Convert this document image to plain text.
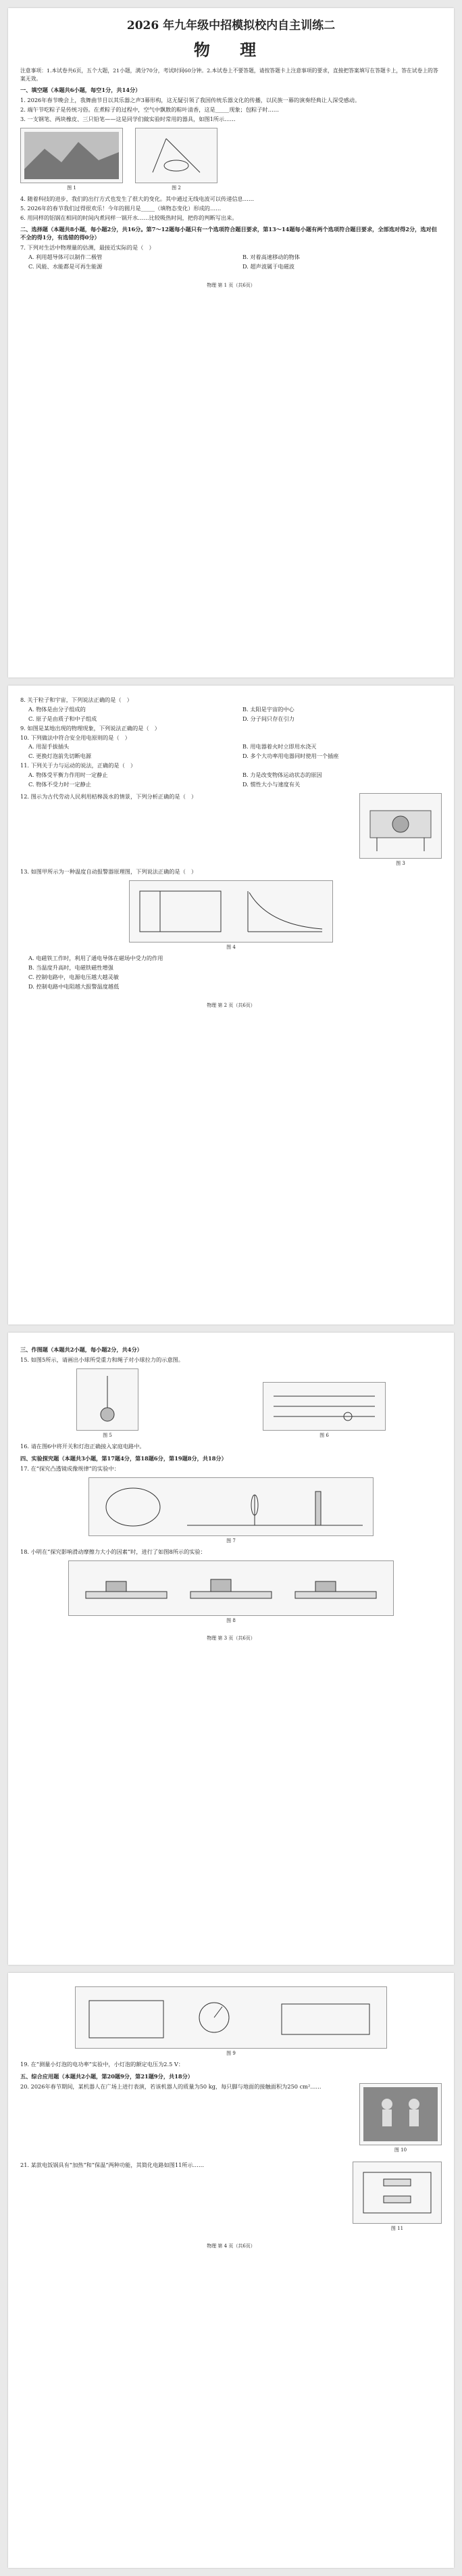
2026 年九年级中招模拟校内自主训练二
物 理
注意事项：1.本试卷共6页，五个大题，21小题，满分70分，考试时间60分钟。2.本试卷上不要答题，请按答题卡上注意事项的要求，直接把答案填写在答题卡上，答在试卷上的答案无效。
一、填空题（本题共6小题，每空1分，共14分）
1. 2026年春节晚会上，我舞曲节目以其乐器之声3幕形构，这无疑引领了我国传统乐器文化的传播，以民族一幕的演奏经典让人深受感动。
2. 端午节吃粽子是传统习俗。在煮粽子的过程中，空气中飘散的粽叶清香，这是_____现象；包粽子时……
3. 一支钢笔、两块橡皮、三只铅笔——这是同学们做实验时常用的器具，如图1所示……
图 1	图 2
4. 随着科技的进步，我们的出行方式也发生了很大的变化。其中通过无线电波可以传递信息……
5. 2026年的春节我们过得很欢乐！今年的圆月是_____（填物态变化）形成的……
6. 用同样的铝锅在相同的时间内煮同样一锅开水……比较吸热时间，把你的判断写出来。
二、选择题（本题共8小题，每小题2分，共16分。第7～12题每小题只有一个选项符合题目要求，第13～14题每小题有两个选项符合题目要求，全部选对得2分，选对但不全的得1分，有选错的得0分）
7. 下列对生活中物理量的估测，最接近实际的是（　）
A. 利用超导体可以制作二极管	B. 对着高速移动的物体
C. 风能、水能都是可再生能源	D. 超声波属于电磁波
物理 第 1 页（共6页）
8. 关于粒子和宇宙，下列说法正确的是（　）
A. 物体是由分子组成的	B. 太阳是宇宙的中心
C. 原子是由质子和中子组成	D. 分子间只存在引力
9. 如图是某地出现的物理现象，下列说法正确的是（　）
10. 下列做法中符合安全用电原则的是（　）
A. 用湿手拔插头	B. 用电器着火时立即用水浇灭
C. 更换灯泡前先切断电源	D. 多个大功率用电器同时使用一个插座
11. 下列关于力与运动的说法，正确的是（　）
A. 物体受平衡力作用时一定静止	B. 力是改变物体运动状态的原因
C. 物体不受力时一定静止	D. 惯性大小与速度有关
12. 图示为古代劳动人民利用桔槔汲水的情景，下列分析正确的是（　）
图 3
13. 如图甲所示为一种温度自动报警器原理图，下列说法正确的是（　）
图 4
A. 电磁铁工作时，利用了通电导体在磁场中受力的作用
B. 当温度升高时，电磁铁磁性增强
C. 控制电路中，电源电压越大越灵敏
D. 控制电路中电阻越大报警温度越低
物理 第 2 页（共6页）
三、作图题（本题共2小题，每小题2分，共4分）
15. 如图5所示，请画出小球所受重力和绳子对小球拉力的示意图。
图 5	图 6
16. 请在图6中将开关和灯泡正确接入家庭电路中。
四、实验探究题（本题共3小题，第17题4分，第18题6分，第19题8分，共18分）
17. 在“探究凸透镜成像规律”的实验中：
图 7
18. 小明在“探究影响滑动摩擦力大小的因素”时，进行了如图8所示的实验：
图 8
物理 第 3 页（共6页）
图 9
19. 在“测量小灯泡的电功率”实验中，小灯泡的额定电压为2.5 V：
五、综合应用题（本题共2小题，第20题9分，第21题9分，共18分）
20. 2026年春节期间，某机器人在广场上进行表演，若该机器人的质量为50 kg，每只脚与地面的接触面积为250 cm²……
图 10
21. 某款电饭锅具有“加热”和“保温”两种功能，其简化电路如图11所示……
图 11
物理 第 4 页（共6页）
